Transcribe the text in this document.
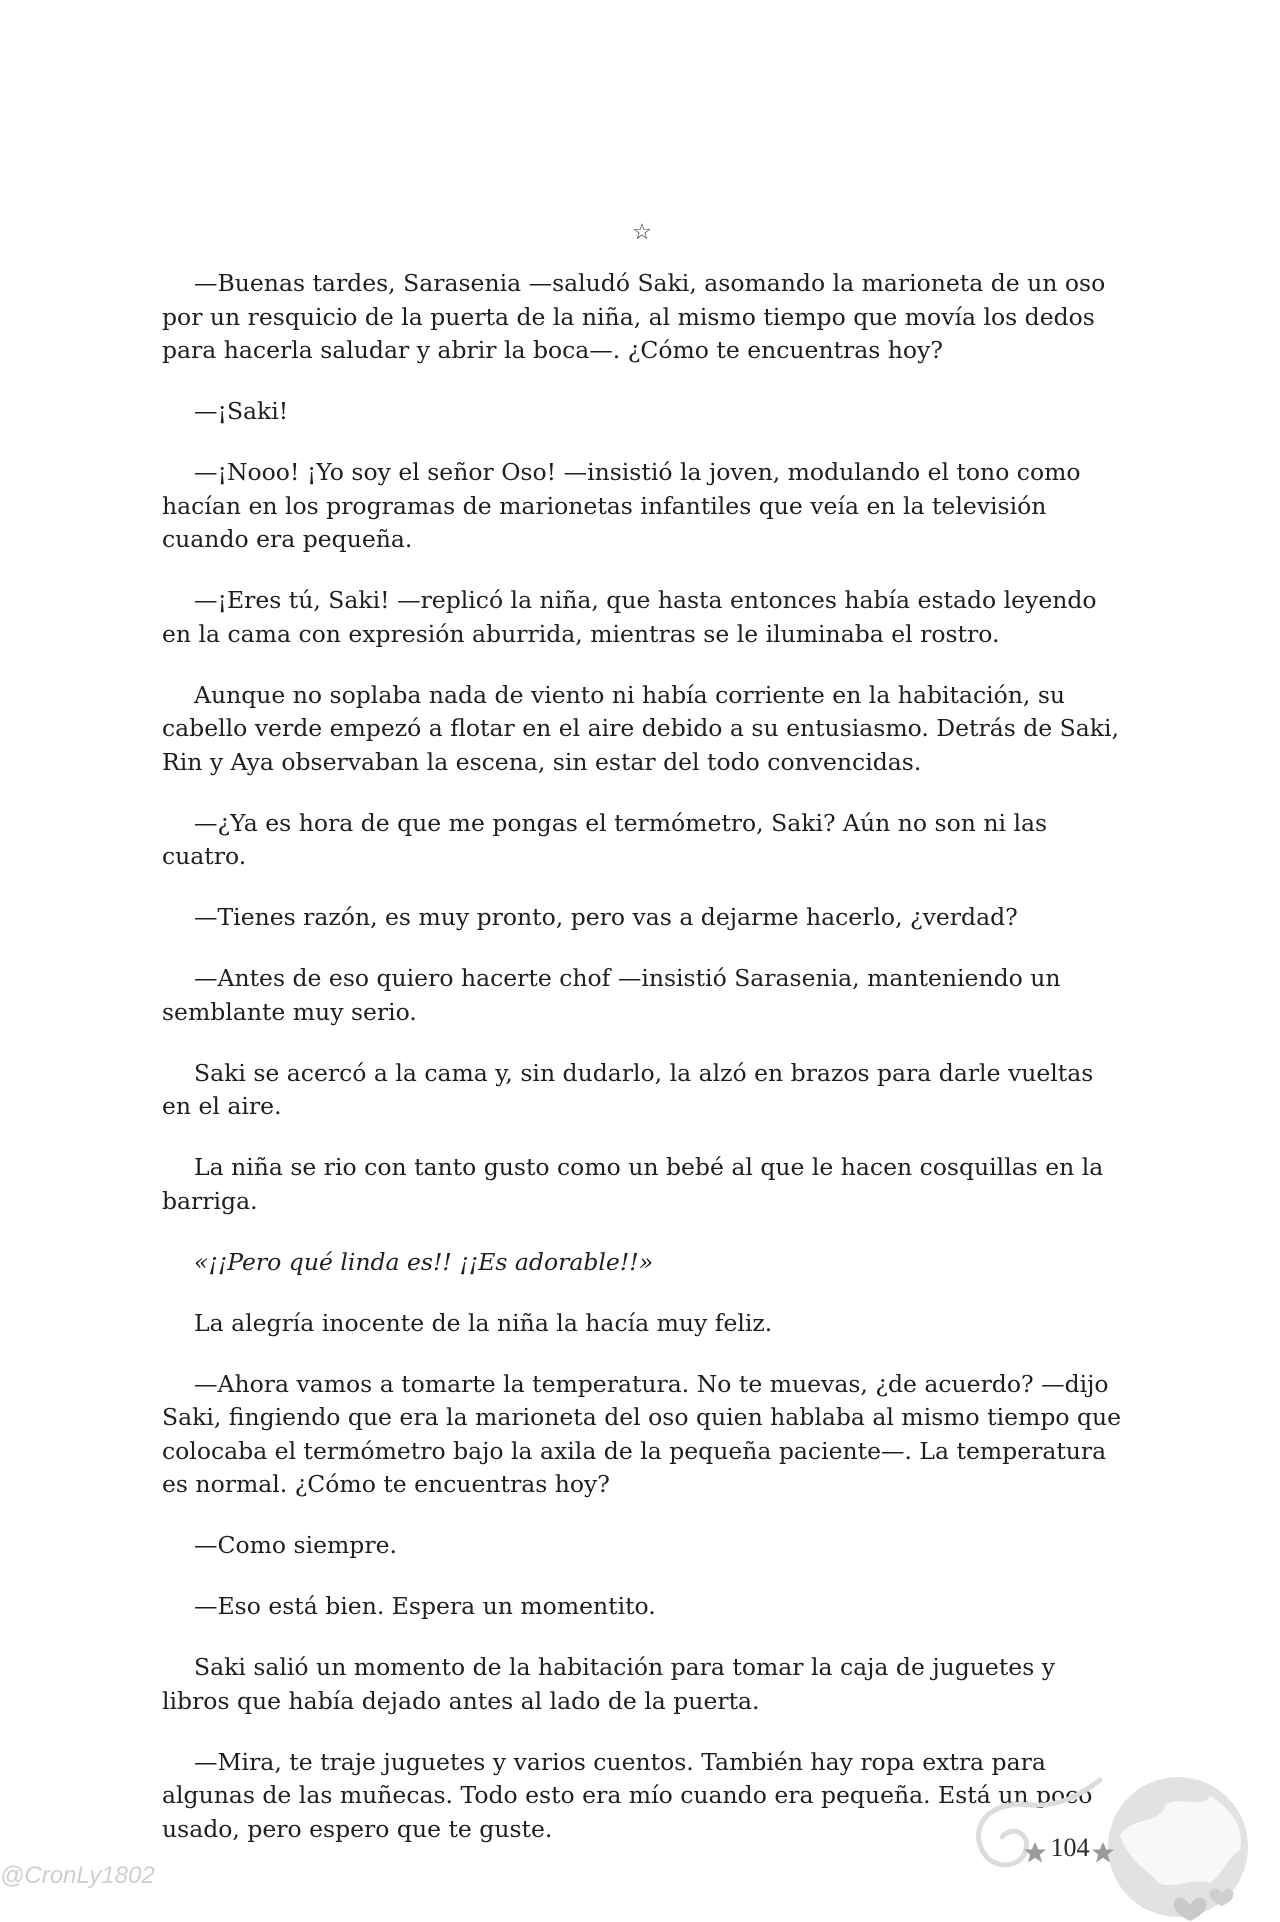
☆

—Buenas tardes, Sarasenia —saludó Saki, asomando la marioneta de un oso por un resquicio de la puerta de la niña, al mismo tiempo que movía los dedos para hacerla saludar y abrir la boca—. ¿Cómo te encuentras hoy?

—¡Saki!

—¡Nooo! ¡Yo soy el señor Oso! —insistió la joven, modulando el tono como hacían en los programas de marionetas infantiles que veía en la televisión cuando era pequeña.

—¡Eres tú, Saki! —replicó la niña, que hasta entonces había estado leyendo en la cama con expresión aburrida, mientras se le iluminaba el rostro.

Aunque no soplaba nada de viento ni había corriente en la habitación, su cabello verde empezó a flotar en el aire debido a su entusiasmo. Detrás de Saki, Rin y Aya observaban la escena, sin estar del todo convencidas.

—¿Ya es hora de que me pongas el termómetro, Saki? Aún no son ni las cuatro.

—Tienes razón, es muy pronto, pero vas a dejarme hacerlo, ¿verdad?

—Antes de eso quiero hacerte chof —insistió Sarasenia, manteniendo un semblante muy serio.

Saki se acercó a la cama y, sin dudarlo, la alzó en brazos para darle vueltas en el aire.

La niña se rio con tanto gusto como un bebé al que le hacen cosquillas en la barriga.

«¡¡Pero qué linda es!! ¡¡Es adorable!!»

La alegría inocente de la niña la hacía muy feliz.

—Ahora vamos a tomarte la temperatura. No te muevas, ¿de acuerdo? —dijo Saki, fingiendo que era la marioneta del oso quien hablaba al mismo tiempo que colocaba el termómetro bajo la axila de la pequeña paciente—. La temperatura es normal. ¿Cómo te encuentras hoy?

—Como siempre.

—Eso está bien. Espera un momentito.

Saki salió un momento de la habitación para tomar la caja de juguetes y libros que había dejado antes al lado de la puerta.

—Mira, te traje juguetes y varios cuentos. También hay ropa extra para algunas de las muñecas. Todo esto era mío cuando era pequeña. Está un poco usado, pero espero que te guste.

104
@CronLy1802
